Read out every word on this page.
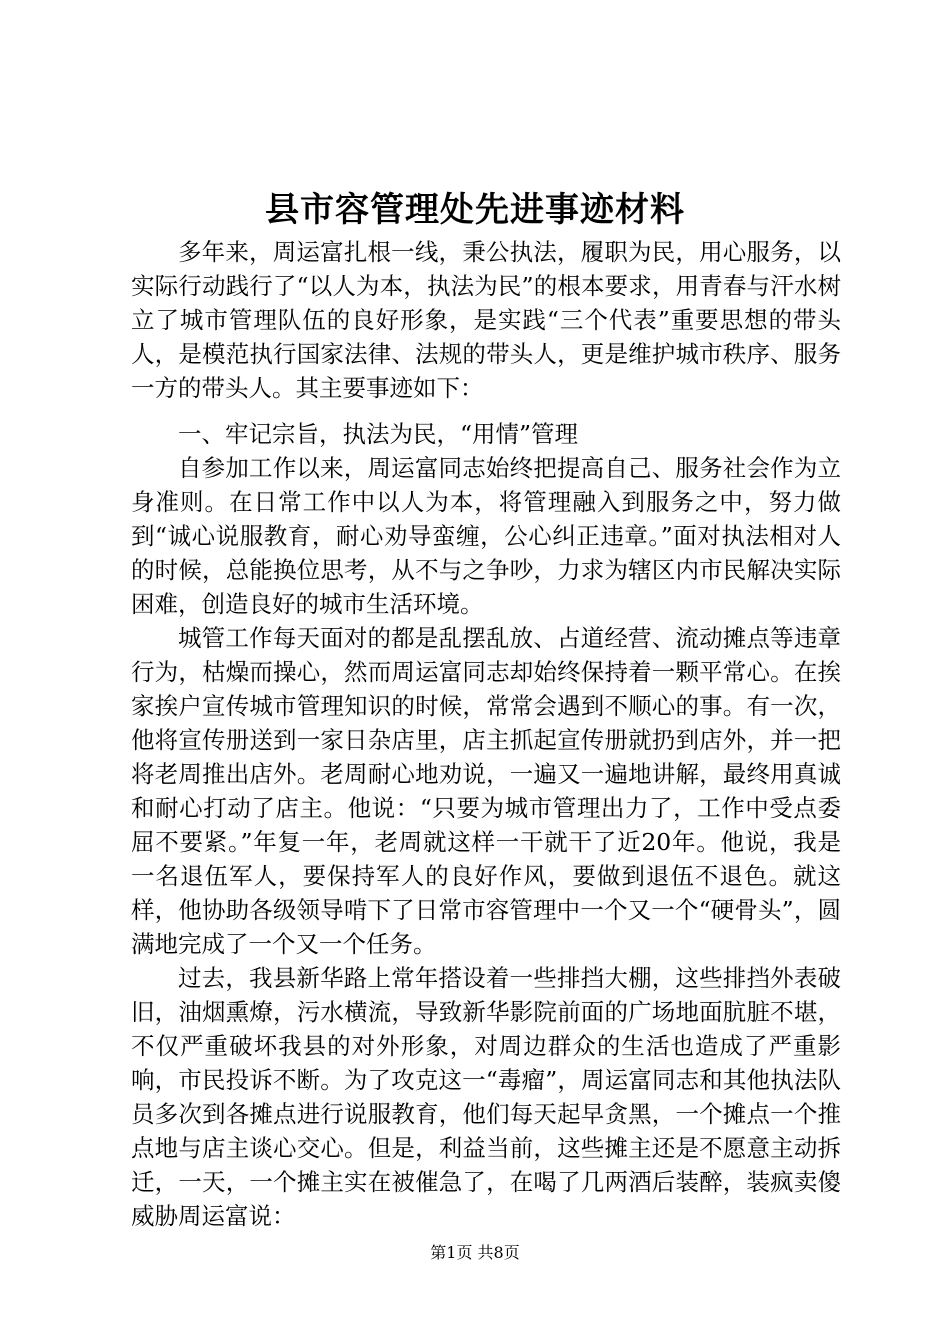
县市容管理处先进事迹材料

多年来，周运富扎根一线，秉公执法，履职为民，用心服务，以实际行动践行了“以人为本，执法为民”的根本要求，用青春与汗水树立了城市管理队伍的良好形象，是实践“三个代表”重要思想的带头人，是模范执行国家法律、法规的带头人，更是维护城市秩序、服务一方的带头人。其主要事迹如下：

一、牢记宗旨，执法为民，“用情”管理

自参加工作以来，周运富同志始终把提高自己、服务社会作为立身准则。在日常工作中以人为本，将管理融入到服务之中，努力做到“诚心说服教育，耐心劝导蛮缠，公心纠正违章。”面对执法相对人的时候，总能换位思考，从不与之争吵，力求为辖区内市民解决实际困难，创造良好的城市生活环境。

城管工作每天面对的都是乱摆乱放、占道经营、流动摊点等违章行为，枯燥而操心，然而周运富同志却始终保持着一颗平常心。在挨家挨户宣传城市管理知识的时候，常常会遇到不顺心的事。有一次，他将宣传册送到一家日杂店里，店主抓起宣传册就扔到店外，并一把将老周推出店外。老周耐心地劝说，一遍又一遍地讲解，最终用真诚和耐心打动了店主。他说：“只要为城市管理出力了，工作中受点委屈不要紧。”年复一年，老周就这样一干就干了近20年。他说，我是一名退伍军人，要保持军人的良好作风，要做到退伍不退色。就这样，他协助各级领导啃下了日常市容管理中一个又一个“硬骨头”，圆满地完成了一个又一个任务。

过去，我县新华路上常年搭设着一些排挡大棚，这些排挡外表破旧，油烟熏燎，污水横流，导致新华影院前面的广场地面肮脏不堪，不仅严重破坏我县的对外形象，对周边群众的生活也造成了严重影响，市民投诉不断。为了攻克这一“毒瘤”，周运富同志和其他执法队员多次到各摊点进行说服教育，他们每天起早贪黑，一个摊点一个推点地与店主谈心交心。但是，利益当前，这些摊主还是不愿意主动拆迁，一天，一个摊主实在被催急了，在喝了几两酒后装醉，装疯卖傻威胁周运富说：

第1页 共8页
